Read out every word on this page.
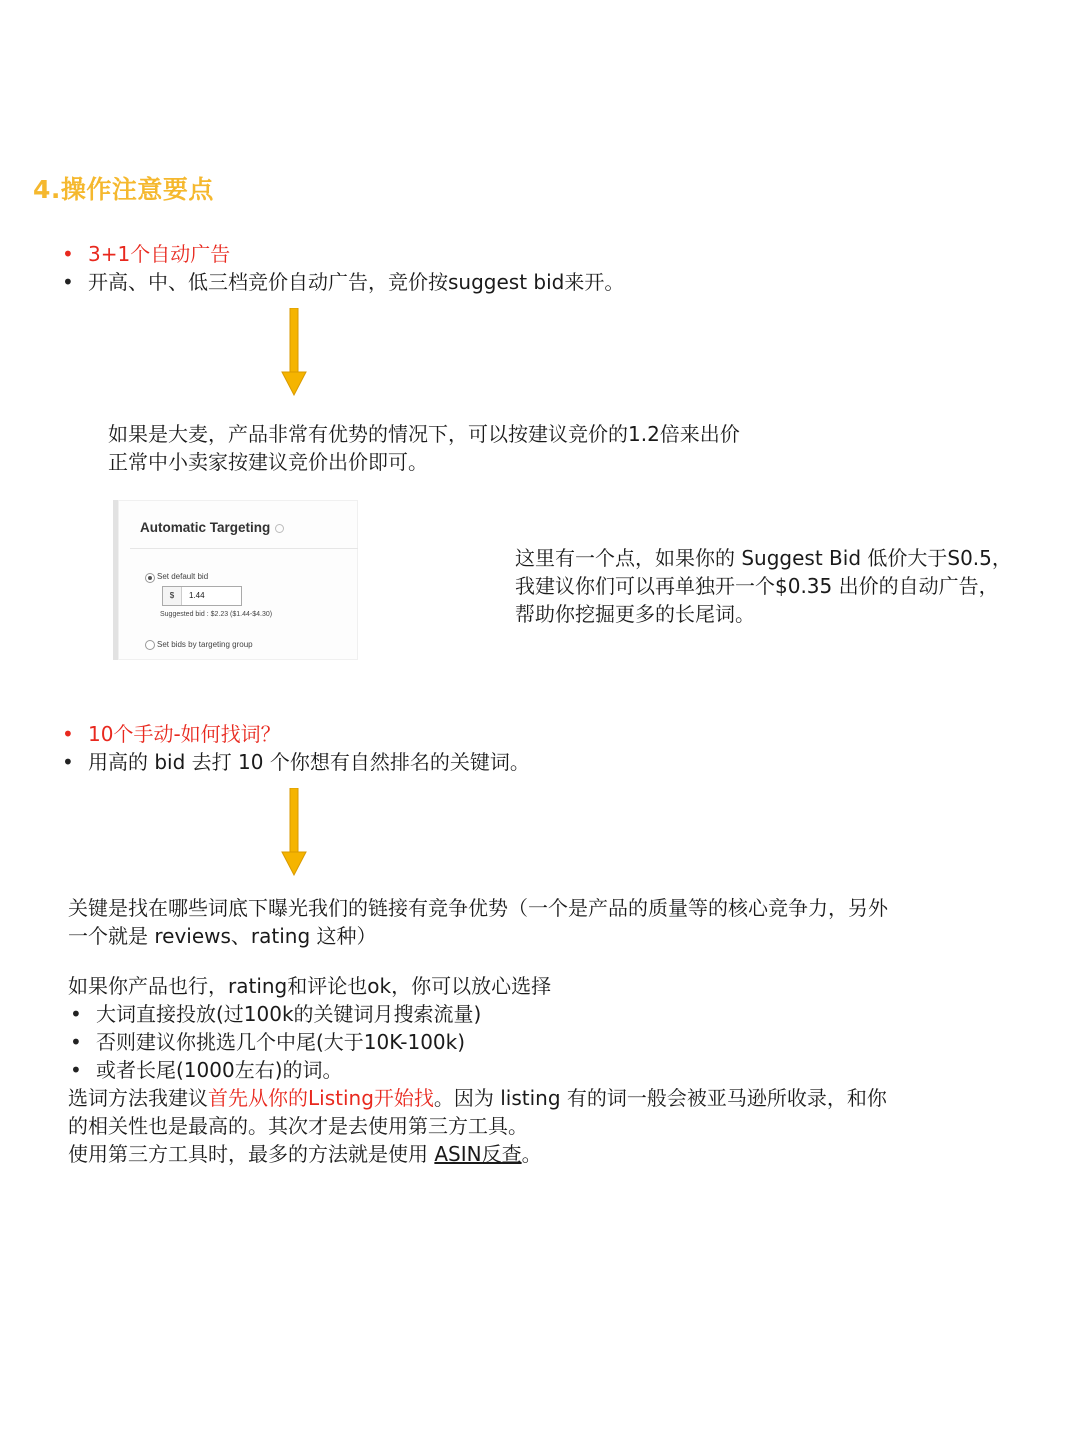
4.操作注意要点
• 3+1个自动广告
• 开高、中、低三档竞价自动广告，竞价按suggest bid来开。
如果是大麦，产品非常有优势的情况下，可以按建议竞价的1.2倍来出价
正常中小卖家按建议竞价出价即可。
Automatic Targeting
Set default bid
$	1.44
Suggested bid : $2.23 ($1.44-$4.30)
Set bids by targeting group
这里有一个点，如果你的 Suggest Bid 低价大于S0.5，
我建议你们可以再单独开一个$0.35 出价的自动广告，
帮助你挖掘更多的长尾词。
• 10个手动-如何找词？
• 用高的 bid 去打 10 个你想有自然排名的关键词。
关键是找在哪些词底下曝光我们的链接有竞争优势（一个是产品的质量等的核心竞争力，另外
一个就是 reviews、rating 这种）
如果你产品也行，rating和评论也ok，你可以放心选择
• 大词直接投放(过100k的关键词月搜索流量)
• 否则建议你挑选几个中尾(大于10K-100k)
• 或者长尾(1000左右)的词。
选词方法我建议首先从你的Listing开始找。因为 listing 有的词一般会被亚马逊所收录，和你
的相关性也是最高的。其次才是去使用第三方工具。
使用第三方工具时，最多的方法就是使用 ASIN反查。
